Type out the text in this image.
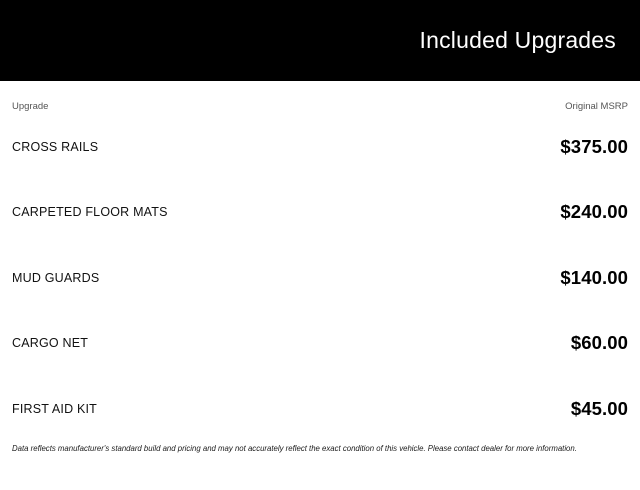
Included Upgrades
Upgrade	Original MSRP
CROSS RAILS	$375.00
CARPETED FLOOR MATS	$240.00
MUD GUARDS	$140.00
CARGO NET	$60.00
FIRST AID KIT	$45.00
Data reflects manufacturer's standard build and pricing and may not accurately reflect the exact condition of this vehicle. Please contact dealer for more information.
